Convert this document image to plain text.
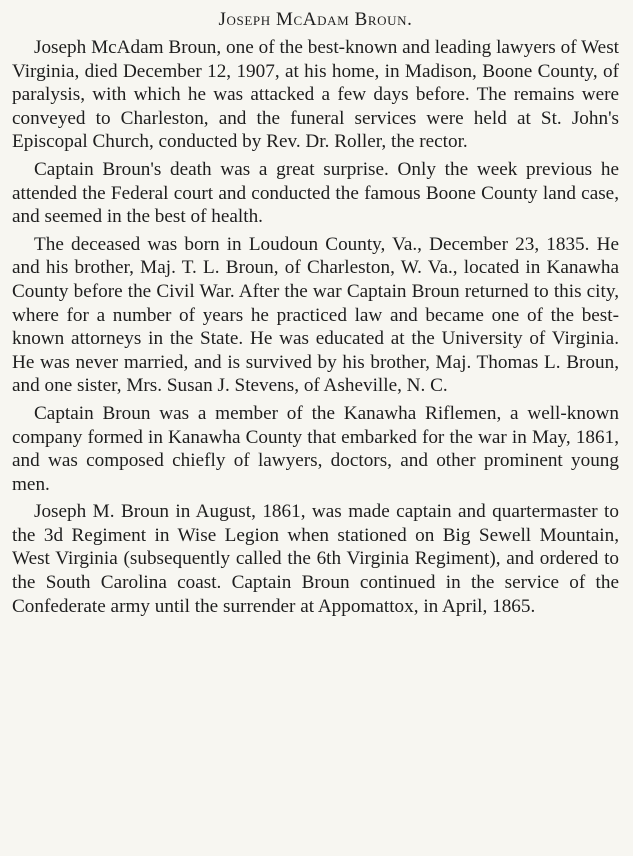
Joseph McAdam Broun.

Joseph McAdam Broun, one of the best-known and leading lawyers of West Virginia, died December 12, 1907, at his home, in Madison, Boone County, of paralysis, with which he was attacked a few days before. The remains were conveyed to Charleston, and the funeral services were held at St. John's Episcopal Church, conducted by Rev. Dr. Roller, the rector.

Captain Broun's death was a great surprise. Only the week previous he attended the Federal court and conducted the famous Boone County land case, and seemed in the best of health.

The deceased was born in Loudoun County, Va., December 23, 1835. He and his brother, Maj. T. L. Broun, of Charleston, W. Va., located in Kanawha County before the Civil War. After the war Captain Broun returned to this city, where for a number of years he practiced law and became one of the best-known attorneys in the State. He was educated at the University of Virginia. He was never married, and is survived by his brother, Maj. Thomas L. Broun, and one sister, Mrs. Susan J. Stevens, of Asheville, N. C.

Captain Broun was a member of the Kanawha Riflemen, a well-known company formed in Kanawha County that embarked for the war in May, 1861, and was composed chiefly of lawyers, doctors, and other prominent young men.

Joseph M. Broun in August, 1861, was made captain and quartermaster to the 3d Regiment in Wise Legion when stationed on Big Sewell Mountain, West Virginia (subsequently called the 6th Virginia Regiment), and ordered to the South Carolina coast. Captain Broun continued in the service of the Confederate army until the surrender at Appomattox, in April, 1865.
